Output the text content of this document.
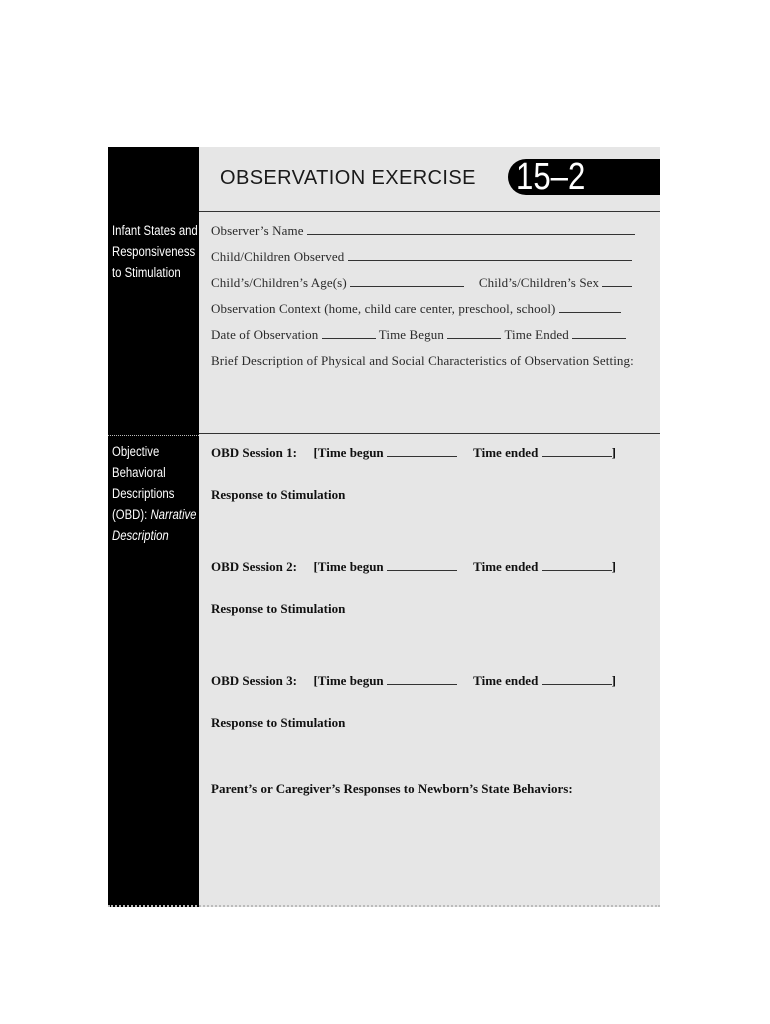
Infant States and
Responsiveness
to Stimulation
Objective
Behavioral
Descriptions
(OBD): Narrative
Description
OBSERVATION EXERCISE 15–2
Observer’s Name
Child/Children Observed
Child’s/Children’s Age(s)	Child’s/Children’s Sex
Observation Context (home, child care center, preschool, school)
Date of Observation	Time Begun	Time Ended
Brief Description of Physical and Social Characteristics of Observation Setting:
OBD Session 1: [Time begun	Time ended	]
Response to Stimulation
OBD Session 2: [Time begun	Time ended	]
Response to Stimulation
OBD Session 3: [Time begun	Time ended	]
Response to Stimulation
Parent’s or Caregiver’s Responses to Newborn’s State Behaviors:
